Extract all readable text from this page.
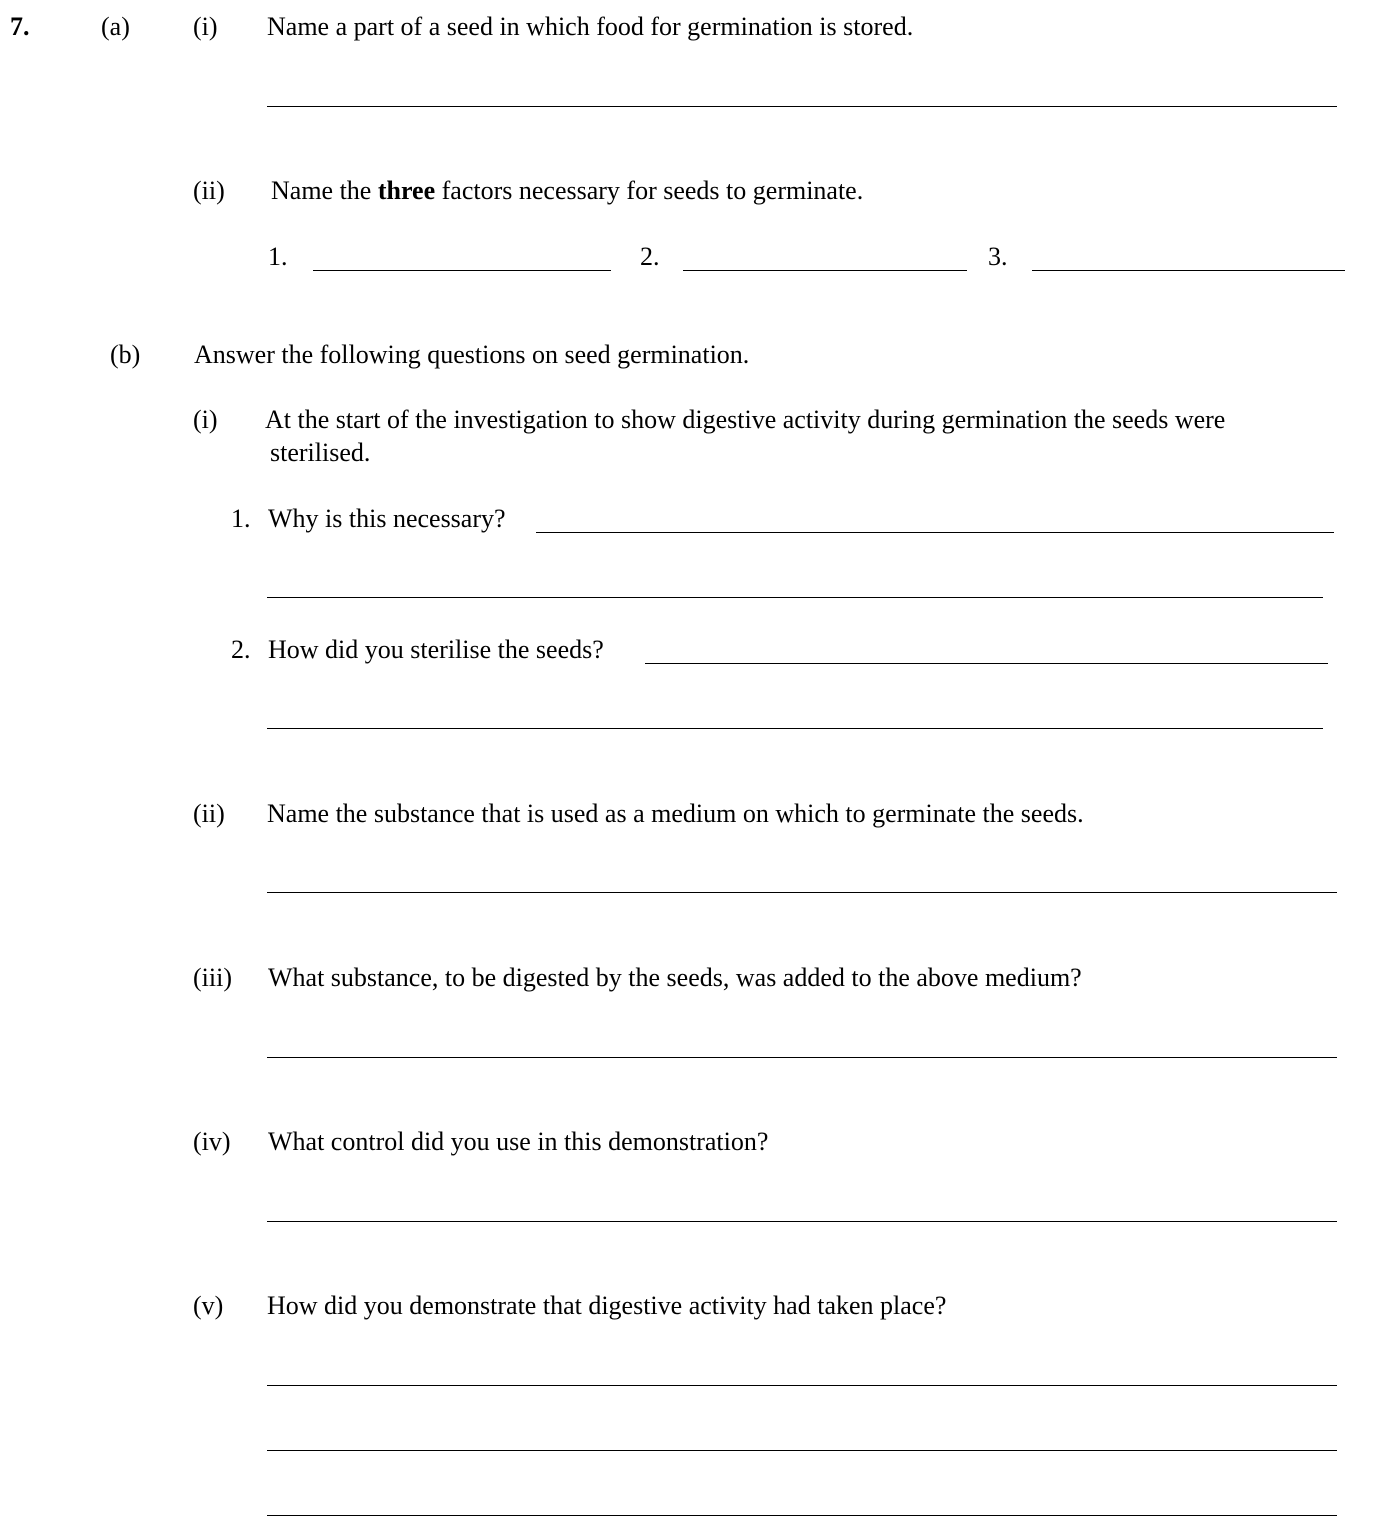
7.	(a) (i) Name a part of a seed in which food for germination is stored.
(ii) Name the three factors necessary for seeds to germinate.
1.	2.	3.
(b) Answer the following questions on seed germination.
(i) At the start of the investigation to show digestive activity during germination the seeds were
sterilised.
1. Why is this necessary?
2. How did you sterilise the seeds?
(ii) Name the substance that is used as a medium on which to germinate the seeds.
(iii) What substance, to be digested by the seeds, was added to the above medium?
(iv) What control did you use in this demonstration?
(v) How did you demonstrate that digestive activity had taken place?
